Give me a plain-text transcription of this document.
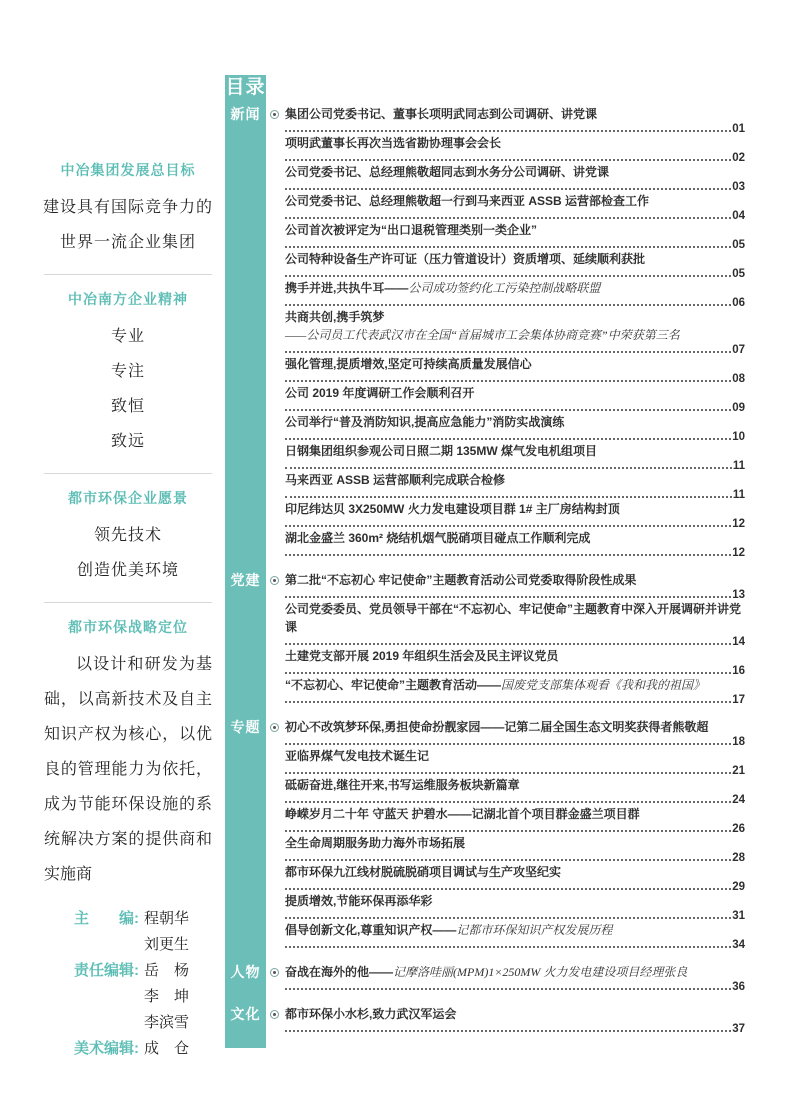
中冶集团发展总目标
建设具有国际竞争力的
世界一流企业集团
中冶南方企业精神
专业
专注
致恒
致远
都市环保企业愿景
领先技术
创造优美环境
都市环保战略定位
以设计和研发为基础，以高新技术及自主知识产权为核心，以优良的管理能力为依托，成为节能环保设施的系统解决方案的提供商和实施商
主　　编: 程朝华
刘更生
责任编辑: 岳　杨
李　坤
李滨雪
美术编辑: 成　仓
目录
新闻	集团公司党委书记、董事长项明武同志到公司调研、讲党课
01
项明武董事长再次当选省勘协理事会会长
02
公司党委书记、总经理熊敬超同志到水务分公司调研、讲党课
03
公司党委书记、总经理熊敬超一行到马来西亚 ASSB 运营部检查工作
04
公司首次被评定为“出口退税管理类别一类企业”
05
公司特种设备生产许可证（压力管道设计）资质增项、延续顺利获批
05
携手并进,共执牛耳——公司成功签约化工污染控制战略联盟
06
共商共创,携手筑梦
——公司员工代表武汉市在全国“首届城市工会集体协商竞赛”中荣获第三名
07
强化管理,提质增效,坚定可持续高质量发展信心
08
公司 2019 年度调研工作会顺利召开
09
公司举行“普及消防知识,提高应急能力”消防实战演练
10
日钢集团组织参观公司日照二期 135MW 煤气发电机组项目
11
马来西亚 ASSB 运营部顺利完成联合检修
11
印尼纬达贝 3X250MW 火力发电建设项目群 1# 主厂房结构封顶
12
湖北金盛兰 360m² 烧结机烟气脱硝项目碰点工作顺利完成
12
党建	第二批“不忘初心 牢记使命”主题教育活动公司党委取得阶段性成果
13
公司党委委员、党员领导干部在“不忘初心、牢记使命”主题教育中深入开展调研并讲党课
14
土建党支部开展 2019 年组织生活会及民主评议党员
16
“不忘初心、牢记使命”主题教育活动——国废党支部集体观看《我和我的祖国》
17
专题	初心不改筑梦环保,勇担使命扮靓家园——记第二届全国生态文明奖获得者熊敬超
18
亚临界煤气发电技术诞生记
21
砥砺奋进,继往开来,书写运维服务板块新篇章
24
峥嵘岁月二十年 守蓝天 护碧水——记湖北首个项目群金盛兰项目群
26
全生命周期服务助力海外市场拓展
28
都市环保九江线材脱硫脱硝项目调试与生产攻坚纪实
29
提质增效,节能环保再添华彩
31
倡导创新文化,尊重知识产权——记都市环保知识产权发展历程
34
人物	奋战在海外的他——记摩洛哇丽(MPM)1×250MW 火力发电建设项目经理张良
36
文化	都市环保小水杉,致力武汉军运会
37
